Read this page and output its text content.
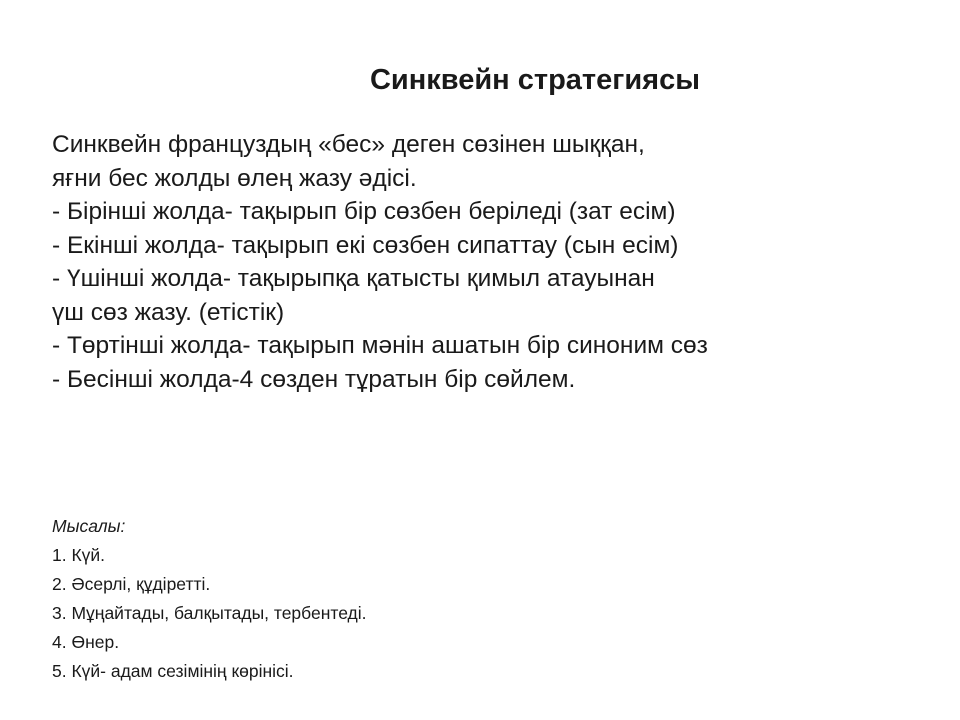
Синквейн стратегиясы
Синквейн француздың «бес» деген сөзінен шыққан,
яғни бес жолды өлең жазу әдісі.
- Бірінші жолда- тақырып бір сөзбен беріледі (зат есім)
- Екінші жолда- тақырып екі сөзбен сипаттау (сын есім)
- Үшінші жолда- тақырыпқа қатысты қимыл атауынан
үш сөз жазу. (етістік)
- Төртінші жолда- тақырып мәнін ашатын бір синоним сөз
- Бесінші жолда-4 сөзден тұратын бір сөйлем.
Мысалы:
1. Күй.
2. Әсерлі, құдіретті.
3. Мұңайтады, балқытады, тербентеді.
4. Өнер.
5. Күй- адам сезімінің көрінісі.
